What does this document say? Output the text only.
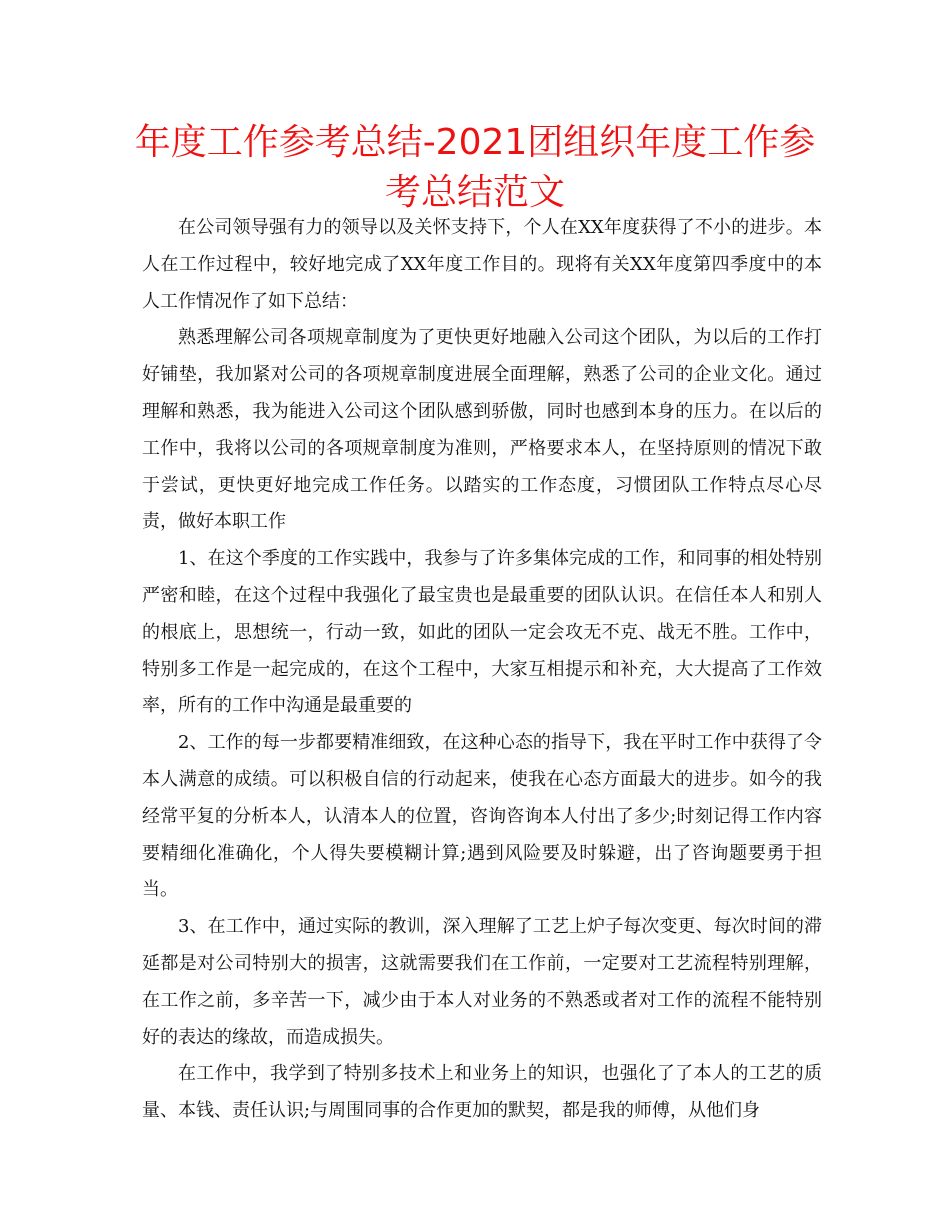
年度工作参考总结-2021团组织年度工作参考总结范文

在公司领导强有力的领导以及关怀支持下，个人在XX年度获得了不小的进步。本人在工作过程中，较好地完成了XX年度工作目的。现将有关XX年度第四季度中的本人工作情况作了如下总结：

熟悉理解公司各项规章制度为了更快更好地融入公司这个团队，为以后的工作打好铺垫，我加紧对公司的各项规章制度进展全面理解，熟悉了公司的企业文化。通过理解和熟悉，我为能进入公司这个团队感到骄傲，同时也感到本身的压力。在以后的工作中，我将以公司的各项规章制度为准则，严格要求本人，在坚持原则的情况下敢于尝试，更快更好地完成工作任务。以踏实的工作态度，习惯团队工作特点尽心尽责，做好本职工作

1、在这个季度的工作实践中，我参与了许多集体完成的工作，和同事的相处特别严密和睦，在这个过程中我强化了最宝贵也是最重要的团队认识。在信任本人和别人的根底上，思想统一，行动一致，如此的团队一定会攻无不克、战无不胜。工作中，特别多工作是一起完成的，在这个工程中，大家互相提示和补充，大大提高了工作效率，所有的工作中沟通是最重要的

2、工作的每一步都要精准细致，在这种心态的指导下，我在平时工作中获得了令本人满意的成绩。可以积极自信的行动起来，使我在心态方面最大的进步。如今的我经常平复的分析本人，认清本人的位置，咨询咨询本人付出了多少;时刻记得工作内容要精细化准确化，个人得失要模糊计算;遇到风险要及时躲避，出了咨询题要勇于担当。

3、在工作中，通过实际的教训，深入理解了工艺上炉子每次变更、每次时间的滞延都是对公司特别大的损害，这就需要我们在工作前，一定要对工艺流程特别理解，在工作之前，多辛苦一下，减少由于本人对业务的不熟悉或者对工作的流程不能特别好的表达的缘故，而造成损失。

在工作中，我学到了特别多技术上和业务上的知识，也强化了了本人的工艺的质量、本钱、责任认识;与周围同事的合作更加的默契，都是我的师傅，从他们身
